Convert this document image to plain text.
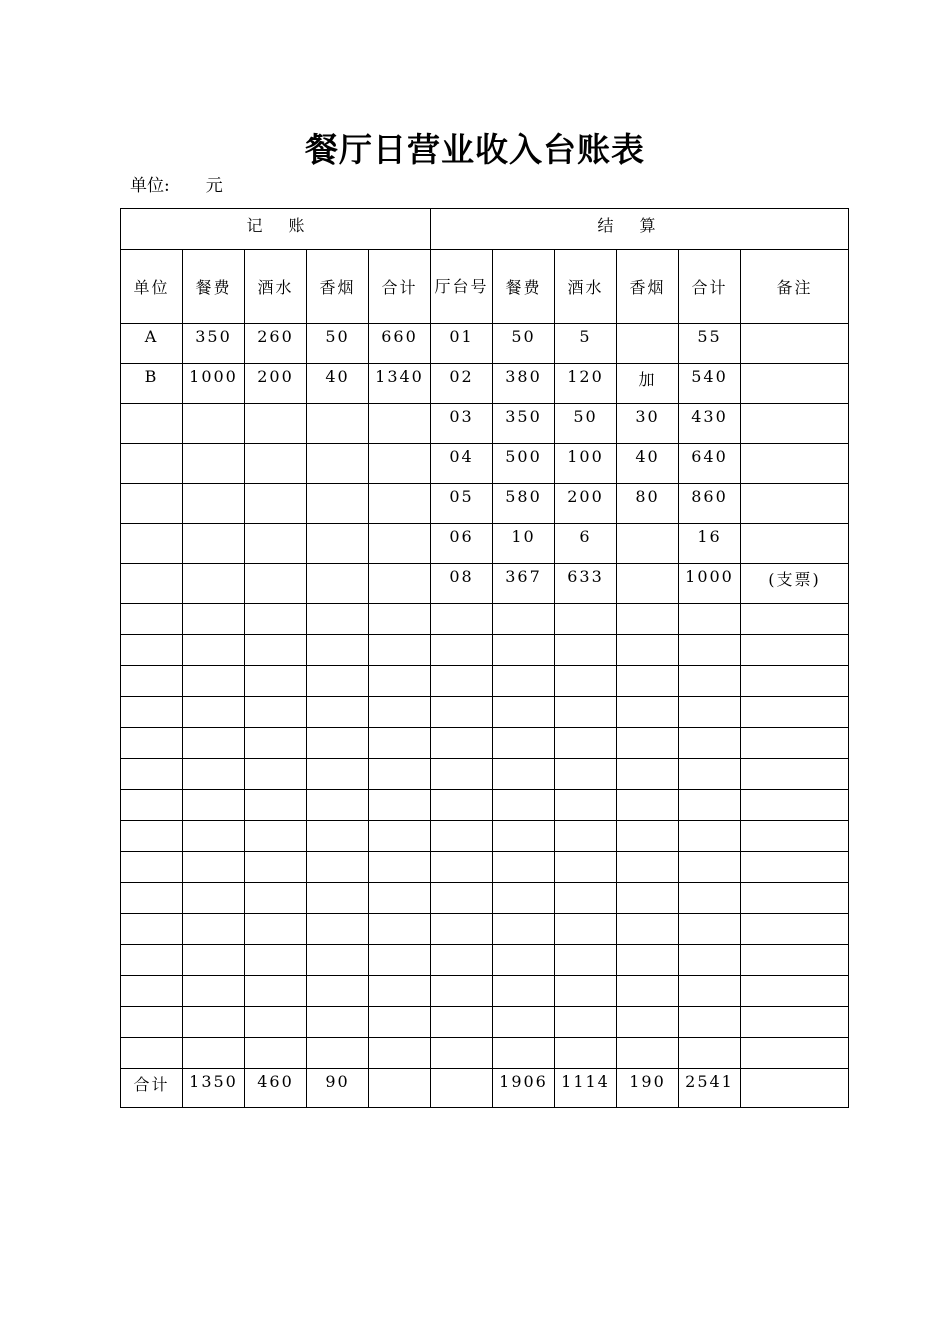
餐厅日营业收入台账表
单位: 元
记账					结算					
单位	餐费	酒水	香烟	合计	厅台号	餐费	酒水	香烟	合计	备注
A	350	260	50	660	01	50	5		55	
B	1000	200	40	1340	02	380	120	加	540	
					03	350	50	30	430	
					04	500	100	40	640	
					05	580	200	80	860	
					06	10	6		16	
					08	367	633		1000	(支票)

合计	1350	460	90			1906	1114	190	2541	
